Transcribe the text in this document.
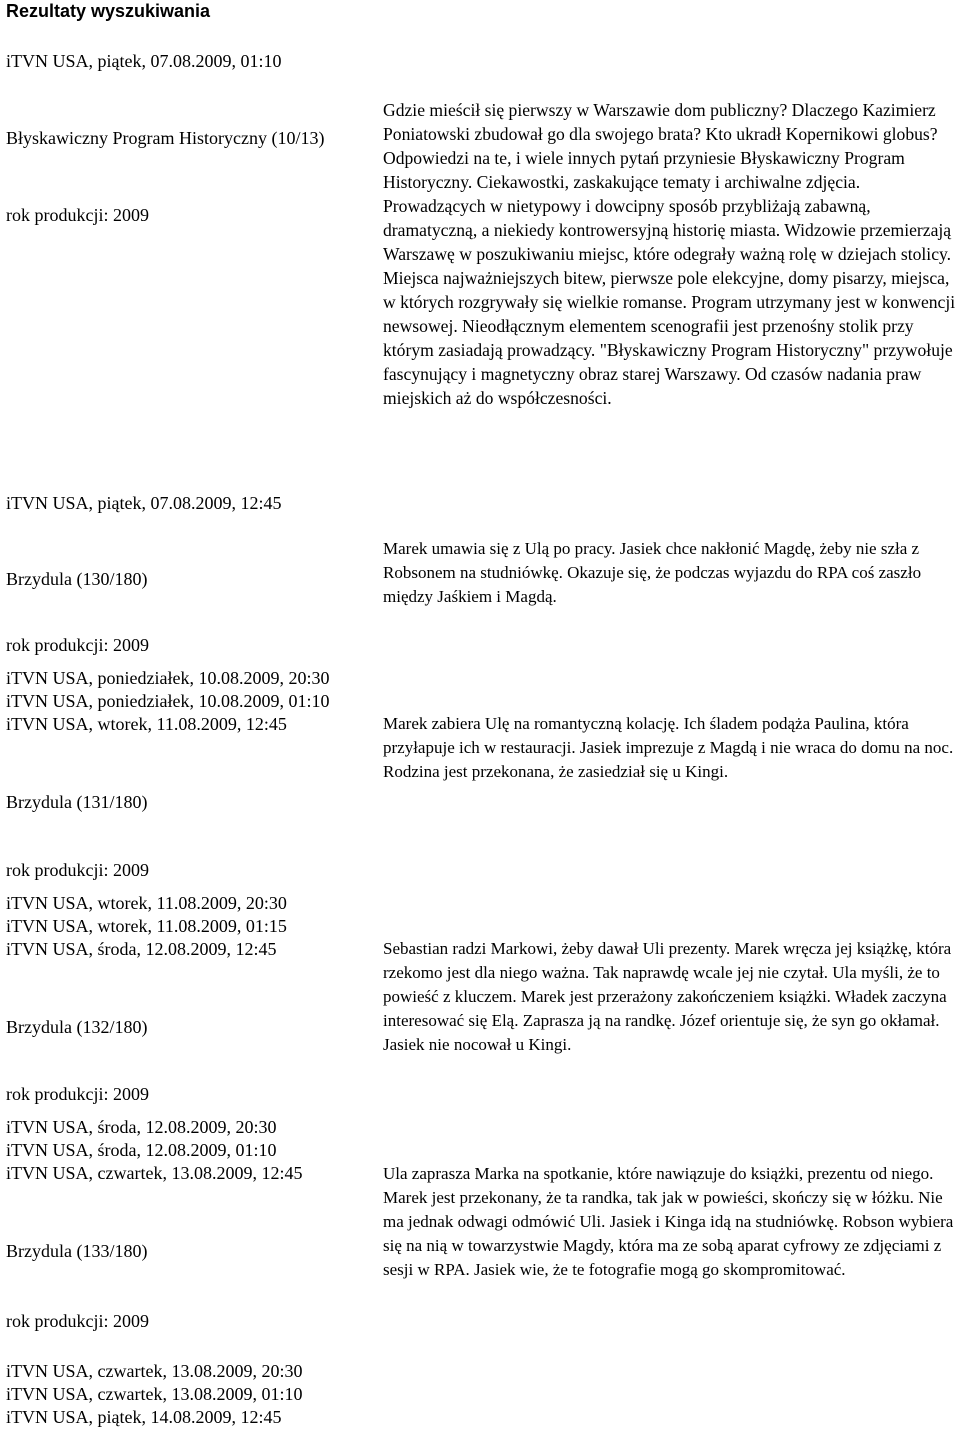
Rezultaty wyszukiwania
iTVN USA, piątek, 07.08.2009, 01:10
Błyskawiczny Program Historyczny (10/13)
rok produkcji: 2009
Gdzie mieścił się pierwszy w Warszawie dom publiczny? Dlaczego Kazimierz Poniatowski zbudował go dla swojego brata? Kto ukradł Kopernikowi globus? Odpowiedzi na te, i wiele innych pytań przyniesie Błyskawiczny Program Historyczny. Ciekawostki, zaskakujące tematy i archiwalne zdjęcia. Prowadzących w nietypowy i dowcipny sposób przybliżają zabawną, dramatyczną, a niekiedy kontrowersyjną historię miasta. Widzowie przemierzają Warszawę w poszukiwaniu miejsc, które odegrały ważną rolę w dziejach stolicy. Miejsca najważniejszych bitew, pierwsze pole elekcyjne, domy pisarzy, miejsca, w których rozgrywały się wielkie romanse. Program utrzymany jest w konwencji newsowej. Nieodłącznym elementem scenografii jest przenośny stolik przy którym zasiadają prowadzący. "Błyskawiczny Program Historyczny" przywołuje fascynujący i magnetyczny obraz starej Warszawy. Od czasów nadania praw miejskich aż do współczesności.
iTVN USA, piątek, 07.08.2009, 12:45
Brzydula (130/180)
rok produkcji: 2009
Marek umawia się z Ulą po pracy. Jasiek chce nakłonić Magdę, żeby nie szła z Robsonem na studniówkę. Okazuje się, że podczas wyjazdu do RPA coś zaszło między Jaśkiem i Magdą.
iTVN USA, poniedziałek, 10.08.2009, 20:30
iTVN USA, poniedziałek, 10.08.2009, 01:10
iTVN USA, wtorek, 11.08.2009, 12:45
Brzydula (131/180)
rok produkcji: 2009
Marek zabiera Ulę na romantyczną kolację. Ich śladem podąża Paulina, która przyłapuje ich w restauracji. Jasiek imprezuje z Magdą i nie wraca do domu na noc. Rodzina jest przekonana, że zasiedział się u Kingi.
iTVN USA, wtorek, 11.08.2009, 20:30
iTVN USA, wtorek, 11.08.2009, 01:15
iTVN USA, środa, 12.08.2009, 12:45
Brzydula (132/180)
rok produkcji: 2009
Sebastian radzi Markowi, żeby dawał Uli prezenty. Marek wręcza jej książkę, która rzekomo jest dla niego ważna. Tak naprawdę wcale jej nie czytał. Ula myśli, że to powieść z kluczem. Marek jest przerażony zakończeniem książki. Władek zaczyna interesować się Elą. Zaprasza ją na randkę. Józef orientuje się, że syn go okłamał. Jasiek nie nocował u Kingi.
iTVN USA, środa, 12.08.2009, 20:30
iTVN USA, środa, 12.08.2009, 01:10
iTVN USA, czwartek, 13.08.2009, 12:45
Brzydula (133/180)
rok produkcji: 2009
Ula zaprasza Marka na spotkanie, które nawiązuje do książki, prezentu od niego. Marek jest przekonany, że ta randka, tak jak w powieści, skończy się w łóżku. Nie ma jednak odwagi odmówić Uli. Jasiek i Kinga idą na studniówkę. Robson wybiera się na nią w towarzystwie Magdy, która ma ze sobą aparat cyfrowy ze zdjęciami z sesji w RPA. Jasiek wie, że te fotografie mogą go skompromitować.
iTVN USA, czwartek, 13.08.2009, 20:30
iTVN USA, czwartek, 13.08.2009, 01:10
iTVN USA, piątek, 14.08.2009, 12:45
